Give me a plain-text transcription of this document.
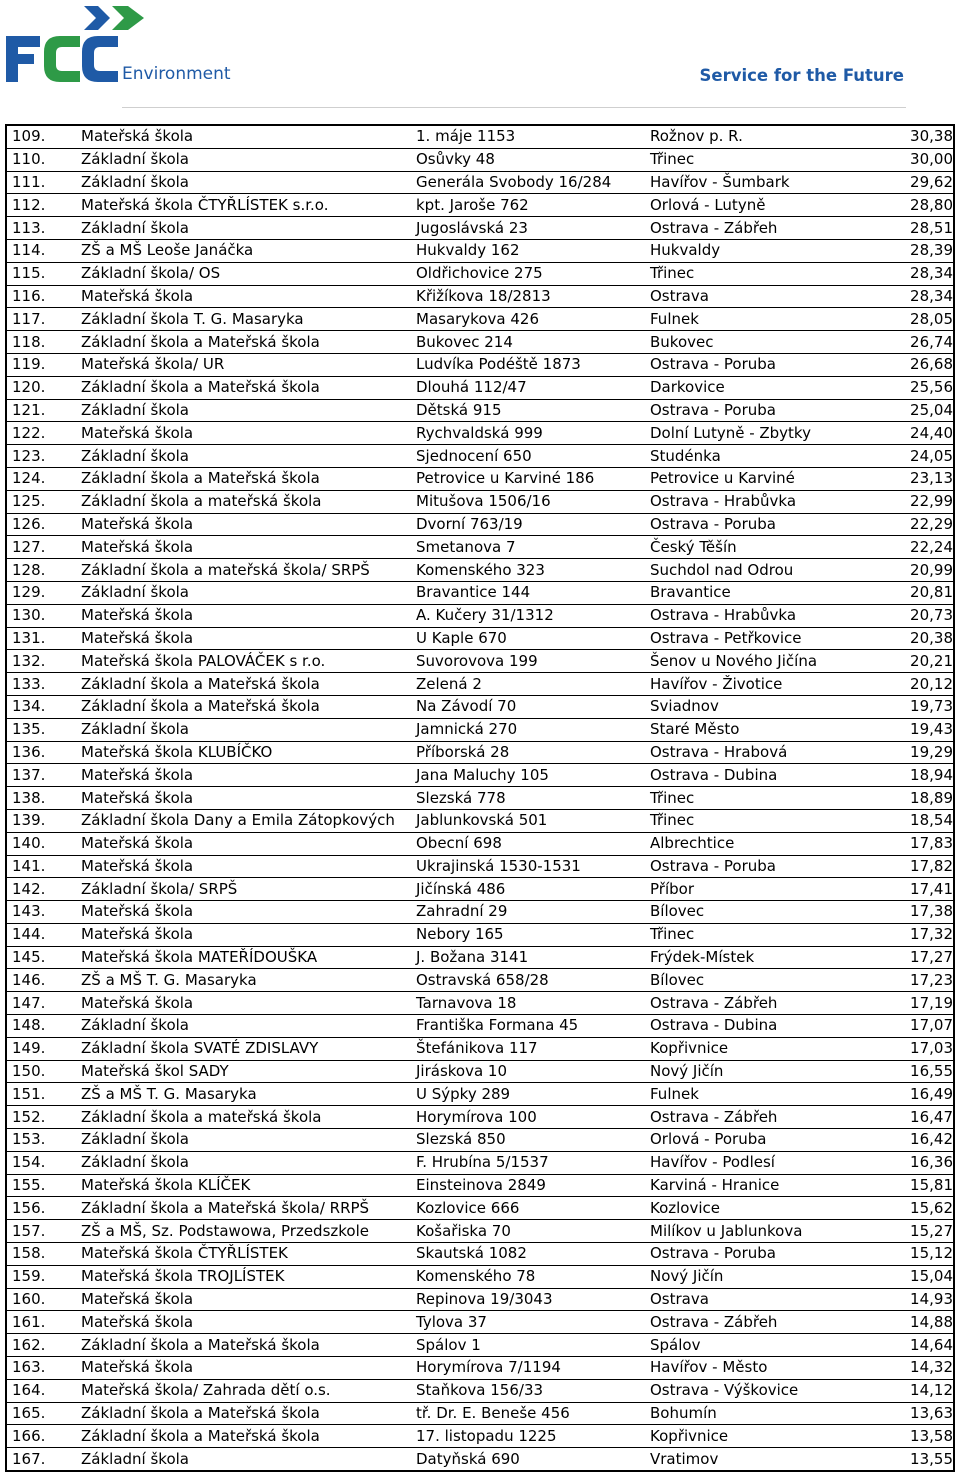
Environment	Service for the Future
109.	Mateřská škola	1. máje 1153	Rožnov p. R.	30,38
110.	Základní škola	Osůvky 48	Třinec	30,00
111.	Základní škola	Generála Svobody 16/284	Havířov - Šumbark	29,62
112.	Mateřská škola ČTYŘLÍSTEK s.r.o.	kpt. Jaroše 762	Orlová - Lutyně	28,80
113.	Základní škola	Jugoslávská 23	Ostrava - Zábřeh	28,51
114.	ZŠ a MŠ Leoše Janáčka	Hukvaldy 162	Hukvaldy	28,39
115.	Základní škola/ OS	Oldřichovice 275	Třinec	28,34
116.	Mateřská škola	Křižíkova 18/2813	Ostrava	28,34
117.	Základní škola T. G. Masaryka	Masarykova 426	Fulnek	28,05
118.	Základní škola a Mateřská škola	Bukovec 214	Bukovec	26,74
119.	Mateřská škola/ UR	Ludvíka Podéště 1873	Ostrava - Poruba	26,68
120.	Základní škola a Mateřská škola	Dlouhá 112/47	Darkovice	25,56
121.	Základní škola	Dětská 915	Ostrava - Poruba	25,04
122.	Mateřská škola	Rychvaldská 999	Dolní Lutyně - Zbytky	24,40
123.	Základní škola	Sjednocení 650	Studénka	24,05
124.	Základní škola a Mateřská škola	Petrovice u Karviné 186	Petrovice u Karviné	23,13
125.	Základní škola a mateřská škola	Mitušova 1506/16	Ostrava - Hrabůvka	22,99
126.	Mateřská škola	Dvorní 763/19	Ostrava - Poruba	22,29
127.	Mateřská škola	Smetanova 7	Český Těšín	22,24
128.	Základní škola a mateřská škola/ SRPŠ	Komenského 323	Suchdol nad Odrou	20,99
129.	Základní škola	Bravantice 144	Bravantice	20,81
130.	Mateřská škola	A. Kučery 31/1312	Ostrava - Hrabůvka	20,73
131.	Mateřská škola	U Kaple 670	Ostrava - Petřkovice	20,38
132.	Mateřská škola PALOVÁČEK s r.o.	Suvorovova 199	Šenov u Nového Jičína	20,21
133.	Základní škola a Mateřská škola	Zelená 2	Havířov - Životice	20,12
134.	Základní škola a Mateřská škola	Na Závodí 70	Sviadnov	19,73
135.	Základní škola	Jamnická 270	Staré Město	19,43
136.	Mateřská škola KLUBÍČKO	Příborská 28	Ostrava - Hrabová	19,29
137.	Mateřská škola	Jana Maluchy 105	Ostrava - Dubina	18,94
138.	Mateřská škola	Slezská 778	Třinec	18,89
139.	Základní škola Dany a Emila Zátopkových	Jablunkovská 501	Třinec	18,54
140.	Mateřská škola	Obecní 698	Albrechtice	17,83
141.	Mateřská škola	Ukrajinská 1530-1531	Ostrava - Poruba	17,82
142.	Základní škola/ SRPŠ	Jičínská 486	Příbor	17,41
143.	Mateřská škola	Zahradní 29	Bílovec	17,38
144.	Mateřská škola	Nebory 165	Třinec	17,32
145.	Mateřská škola MATEŘÍDOUŠKA	J. Božana 3141	Frýdek-Místek	17,27
146.	ZŠ a MŠ T. G. Masaryka	Ostravská 658/28	Bílovec	17,23
147.	Mateřská škola	Tarnavova 18	Ostrava - Zábřeh	17,19
148.	Základní škola	Františka Formana 45	Ostrava - Dubina	17,07
149.	Základní škola SVATÉ ZDISLAVY	Štefánikova 117	Kopřivnice	17,03
150.	Mateřská škol SADY	Jiráskova 10	Nový Jičín	16,55
151.	ZŠ a MŠ T. G. Masaryka	U Sýpky 289	Fulnek	16,49
152.	Základní škola a mateřská škola	Horymírova 100	Ostrava - Zábřeh	16,47
153.	Základní škola	Slezská 850	Orlová - Poruba	16,42
154.	Základní škola	F. Hrubína 5/1537	Havířov - Podlesí	16,36
155.	Mateřská škola KLÍČEK	Einsteinova 2849	Karviná - Hranice	15,81
156.	Základní škola a Mateřská škola/ RRPŠ	Kozlovice 666	Kozlovice	15,62
157.	ZŠ a MŠ, Sz. Podstawowa, Przedszkole	Košařiska 70	Milíkov u Jablunkova	15,27
158.	Mateřská škola ČTYŘLÍSTEK	Skautská 1082	Ostrava - Poruba	15,12
159.	Mateřská škola TROJLÍSTEK	Komenského 78	Nový Jičín	15,04
160.	Mateřská škola	Repinova 19/3043	Ostrava	14,93
161.	Mateřská škola	Tylova 37	Ostrava - Zábřeh	14,88
162.	Základní škola a Mateřská škola	Spálov 1	Spálov	14,64
163.	Mateřská škola	Horymírova 7/1194	Havířov - Město	14,32
164.	Mateřská škola/ Zahrada dětí o.s.	Staňkova 156/33	Ostrava - Výškovice	14,12
165.	Základní škola a Mateřská škola	tř. Dr. E. Beneše 456	Bohumín	13,63
166.	Základní škola a Mateřská škola	17. listopadu 1225	Kopřivnice	13,58
167.	Základní škola	Datyňská 690	Vratimov	13,55
